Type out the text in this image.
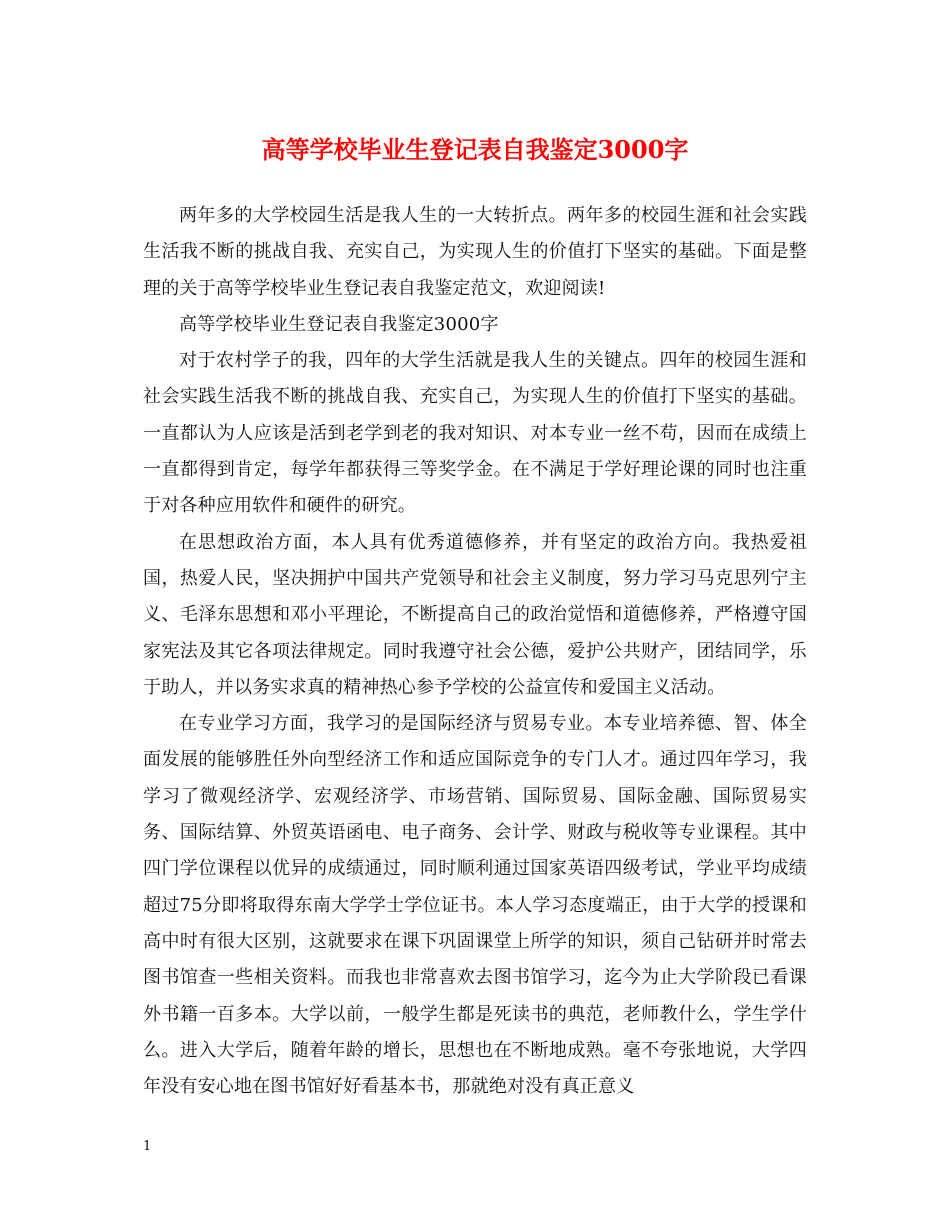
高等学校毕业生登记表自我鉴定3000字

两年多的大学校园生活是我人生的一大转折点。两年多的校园生涯和社会实践生活我不断的挑战自我、充实自己，为实现人生的价值打下坚实的基础。下面是整理的关于高等学校毕业生登记表自我鉴定范文，欢迎阅读!

高等学校毕业生登记表自我鉴定3000字

对于农村学子的我，四年的大学生活就是我人生的关键点。四年的校园生涯和社会实践生活我不断的挑战自我、充实自己，为实现人生的价值打下坚实的基础。一直都认为人应该是活到老学到老的我对知识、对本专业一丝不苟，因而在成绩上一直都得到肯定，每学年都获得三等奖学金。在不满足于学好理论课的同时也注重于对各种应用软件和硬件的研究。

在思想政治方面，本人具有优秀道德修养，并有坚定的政治方向。我热爱祖国，热爱人民，坚决拥护中国共产党领导和社会主义制度，努力学习马克思列宁主义、毛泽东思想和邓小平理论，不断提高自己的政治觉悟和道德修养，严格遵守国家宪法及其它各项法律规定。同时我遵守社会公德，爱护公共财产，团结同学，乐于助人，并以务实求真的精神热心参予学校的公益宣传和爱国主义活动。

在专业学习方面，我学习的是国际经济与贸易专业。本专业培养德、智、体全面发展的能够胜任外向型经济工作和适应国际竞争的专门人才。通过四年学习，我学习了微观经济学、宏观经济学、市场营销、国际贸易、国际金融、国际贸易实务、国际结算、外贸英语函电、电子商务、会计学、财政与税收等专业课程。其中四门学位课程以优异的成绩通过，同时顺利通过国家英语四级考试，学业平均成绩超过75分即将取得东南大学学士学位证书。本人学习态度端正，由于大学的授课和高中时有很大区别，这就要求在课下巩固课堂上所学的知识，须自己钻研并时常去图书馆查一些相关资料。而我也非常喜欢去图书馆学习，迄今为止大学阶段已看课外书籍一百多本。大学以前，一般学生都是死读书的典范，老师教什么，学生学什么。进入大学后，随着年龄的增长，思想也在不断地成熟。毫不夸张地说，大学四年没有安心地在图书馆好好看基本书，那就绝对没有真正意义

1
